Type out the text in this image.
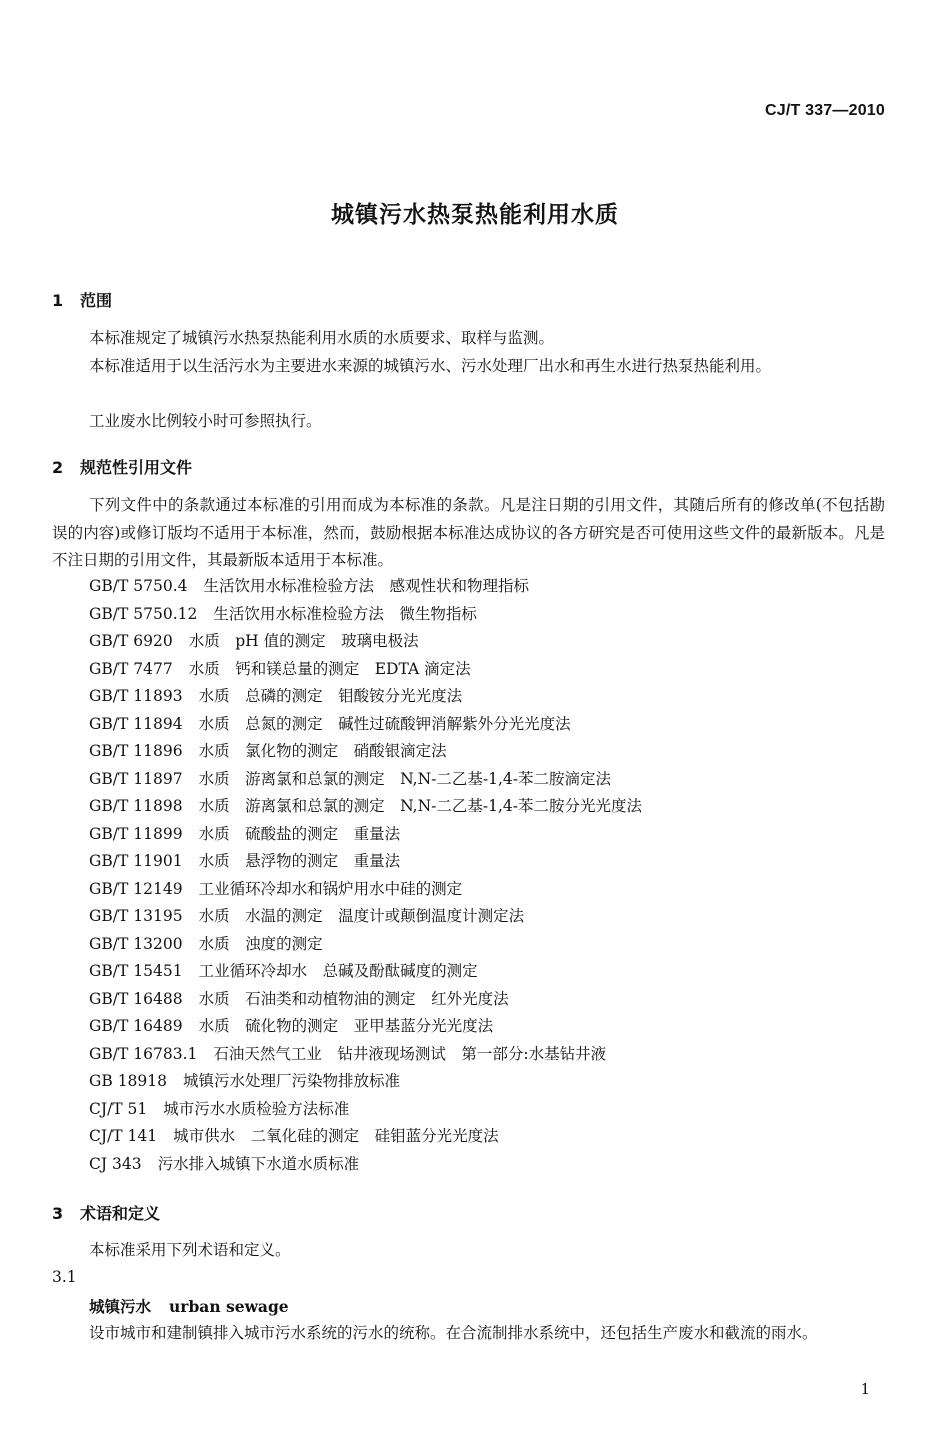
CJ/T 337—2010
城镇污水热泵热能利用水质
1 范围

本标准规定了城镇污水热泵热能利用水质的水质要求、取样与监测。

本标准适用于以生活污水为主要进水来源的城镇污水、污水处理厂出水和再生水进行热泵热能利用。

工业废水比例较小时可参照执行。

2 规范性引用文件

下列文件中的条款通过本标准的引用而成为本标准的条款。凡是注日期的引用文件，其随后所有的修改单(不包括勘误的内容)或修订版均不适用于本标准，然而，鼓励根据本标准达成协议的各方研究是否可使用这些文件的最新版本。凡是不注日期的引用文件，其最新版本适用于本标准。

GB/T 5750.4 生活饮用水标准检验方法　感观性状和物理指标
GB/T 5750.12 生活饮用水标准检验方法　微生物指标
GB/T 6920 水质　pH 值的测定　玻璃电极法
GB/T 7477 水质　钙和镁总量的测定　EDTA 滴定法
GB/T 11893 水质　总磷的测定　钼酸铵分光光度法
GB/T 11894 水质　总氮的测定　碱性过硫酸钾消解紫外分光光度法
GB/T 11896 水质　氯化物的测定　硝酸银滴定法
GB/T 11897 水质　游离氯和总氯的测定　N,N-二乙基-1,4-苯二胺滴定法
GB/T 11898 水质　游离氯和总氯的测定　N,N-二乙基-1,4-苯二胺分光光度法
GB/T 11899 水质　硫酸盐的测定　重量法
GB/T 11901 水质　悬浮物的测定　重量法
GB/T 12149 工业循环冷却水和锅炉用水中硅的测定
GB/T 13195 水质　水温的测定　温度计或颠倒温度计测定法
GB/T 13200 水质　浊度的测定
GB/T 15451 工业循环冷却水　总碱及酚酞碱度的测定
GB/T 16488 水质　石油类和动植物油的测定　红外光度法
GB/T 16489 水质　硫化物的测定　亚甲基蓝分光光度法
GB/T 16783.1 石油天然气工业　钻井液现场测试　第一部分:水基钻井液
GB 18918 城镇污水处理厂污染物排放标准
CJ/T 51 城市污水水质检验方法标准
CJ/T 141 城市供水　二氧化硅的测定　硅钼蓝分光光度法
CJ 343 污水排入城镇下水道水质标准
3 术语和定义

本标准采用下列术语和定义。

3.1
城镇污水 urban sewage

设市城市和建制镇排入城市污水系统的污水的统称。在合流制排水系统中，还包括生产废水和截流的雨水。

1
